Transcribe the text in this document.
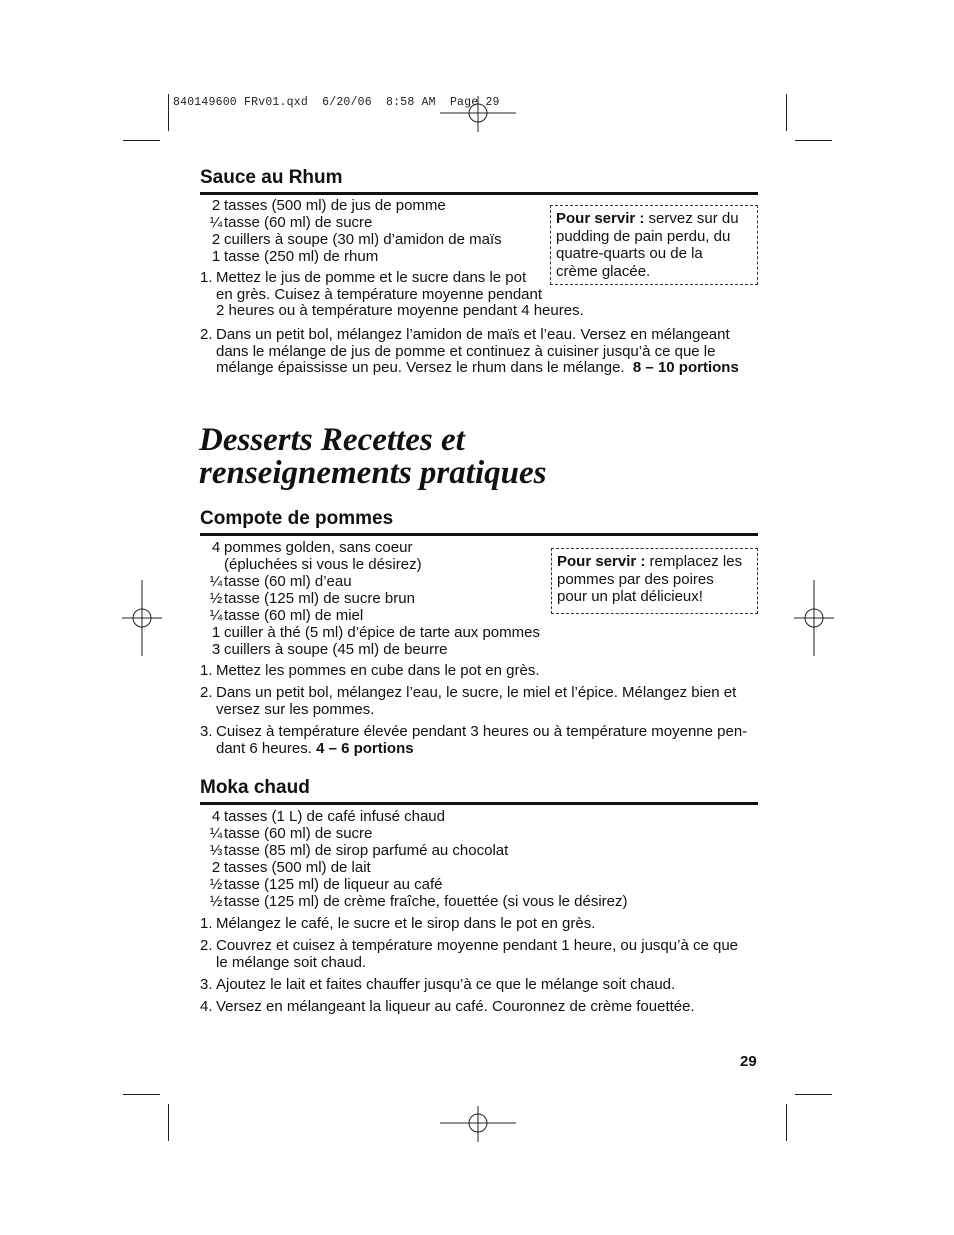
840149600 FRv01.qxd  6/20/06  8:58 AM  Page 29
Sauce au Rhum
2 tasses (500 ml) de jus de pomme
¼ tasse (60 ml) de sucre
2 cuillers à soupe (30 ml) d’amidon de maïs
1 tasse (250 ml) de rhum
Pour servir : servez sur du
pudding de pain perdu, du
quatre-quarts ou de la
crème glacée.
1. Mettez le jus de pomme et le sucre dans le pot
en grès. Cuisez à température moyenne pendant
2 heures ou à température moyenne pendant 4 heures.
2. Dans un petit bol, mélangez l’amidon de maïs et l’eau. Versez en mélangeant
dans le mélange de jus de pomme et continuez à cuisiner jusqu’à ce que le
mélange épaississe un peu. Versez le rhum dans le mélange. 8 – 10 portions
Desserts Recettes et
renseignements pratiques
Compote de pommes
4 pommes golden, sans coeur
(épluchées si vous le désirez)
¼ tasse (60 ml) d’eau
½ tasse (125 ml) de sucre brun
¼ tasse (60 ml) de miel
1 cuiller à thé (5 ml) d’épice de tarte aux pommes
3 cuillers à soupe (45 ml) de beurre
Pour servir : remplacez les
pommes par des poires
pour un plat délicieux!
1. Mettez les pommes en cube dans le pot en grès.
2. Dans un petit bol, mélangez l’eau, le sucre, le miel et l’épice. Mélangez bien et
versez sur les pommes.
3. Cuisez à température élevée pendant 3 heures ou à température moyenne pen-
dant 6 heures. 4 – 6 portions
Moka chaud
4 tasses (1 L) de café infusé chaud
¼ tasse (60 ml) de sucre
⅓ tasse (85 ml) de sirop parfumé au chocolat
2 tasses (500 ml) de lait
½ tasse (125 ml) de liqueur au café
½ tasse (125 ml) de crème fraîche, fouettée (si vous le désirez)
1. Mélangez le café, le sucre et le sirop dans le pot en grès.
2. Couvrez et cuisez à température moyenne pendant 1 heure, ou jusqu’à ce que
le mélange soit chaud.
3. Ajoutez le lait et faites chauffer jusqu’à ce que le mélange soit chaud.
4. Versez en mélangeant la liqueur au café. Couronnez de crème fouettée.
29
